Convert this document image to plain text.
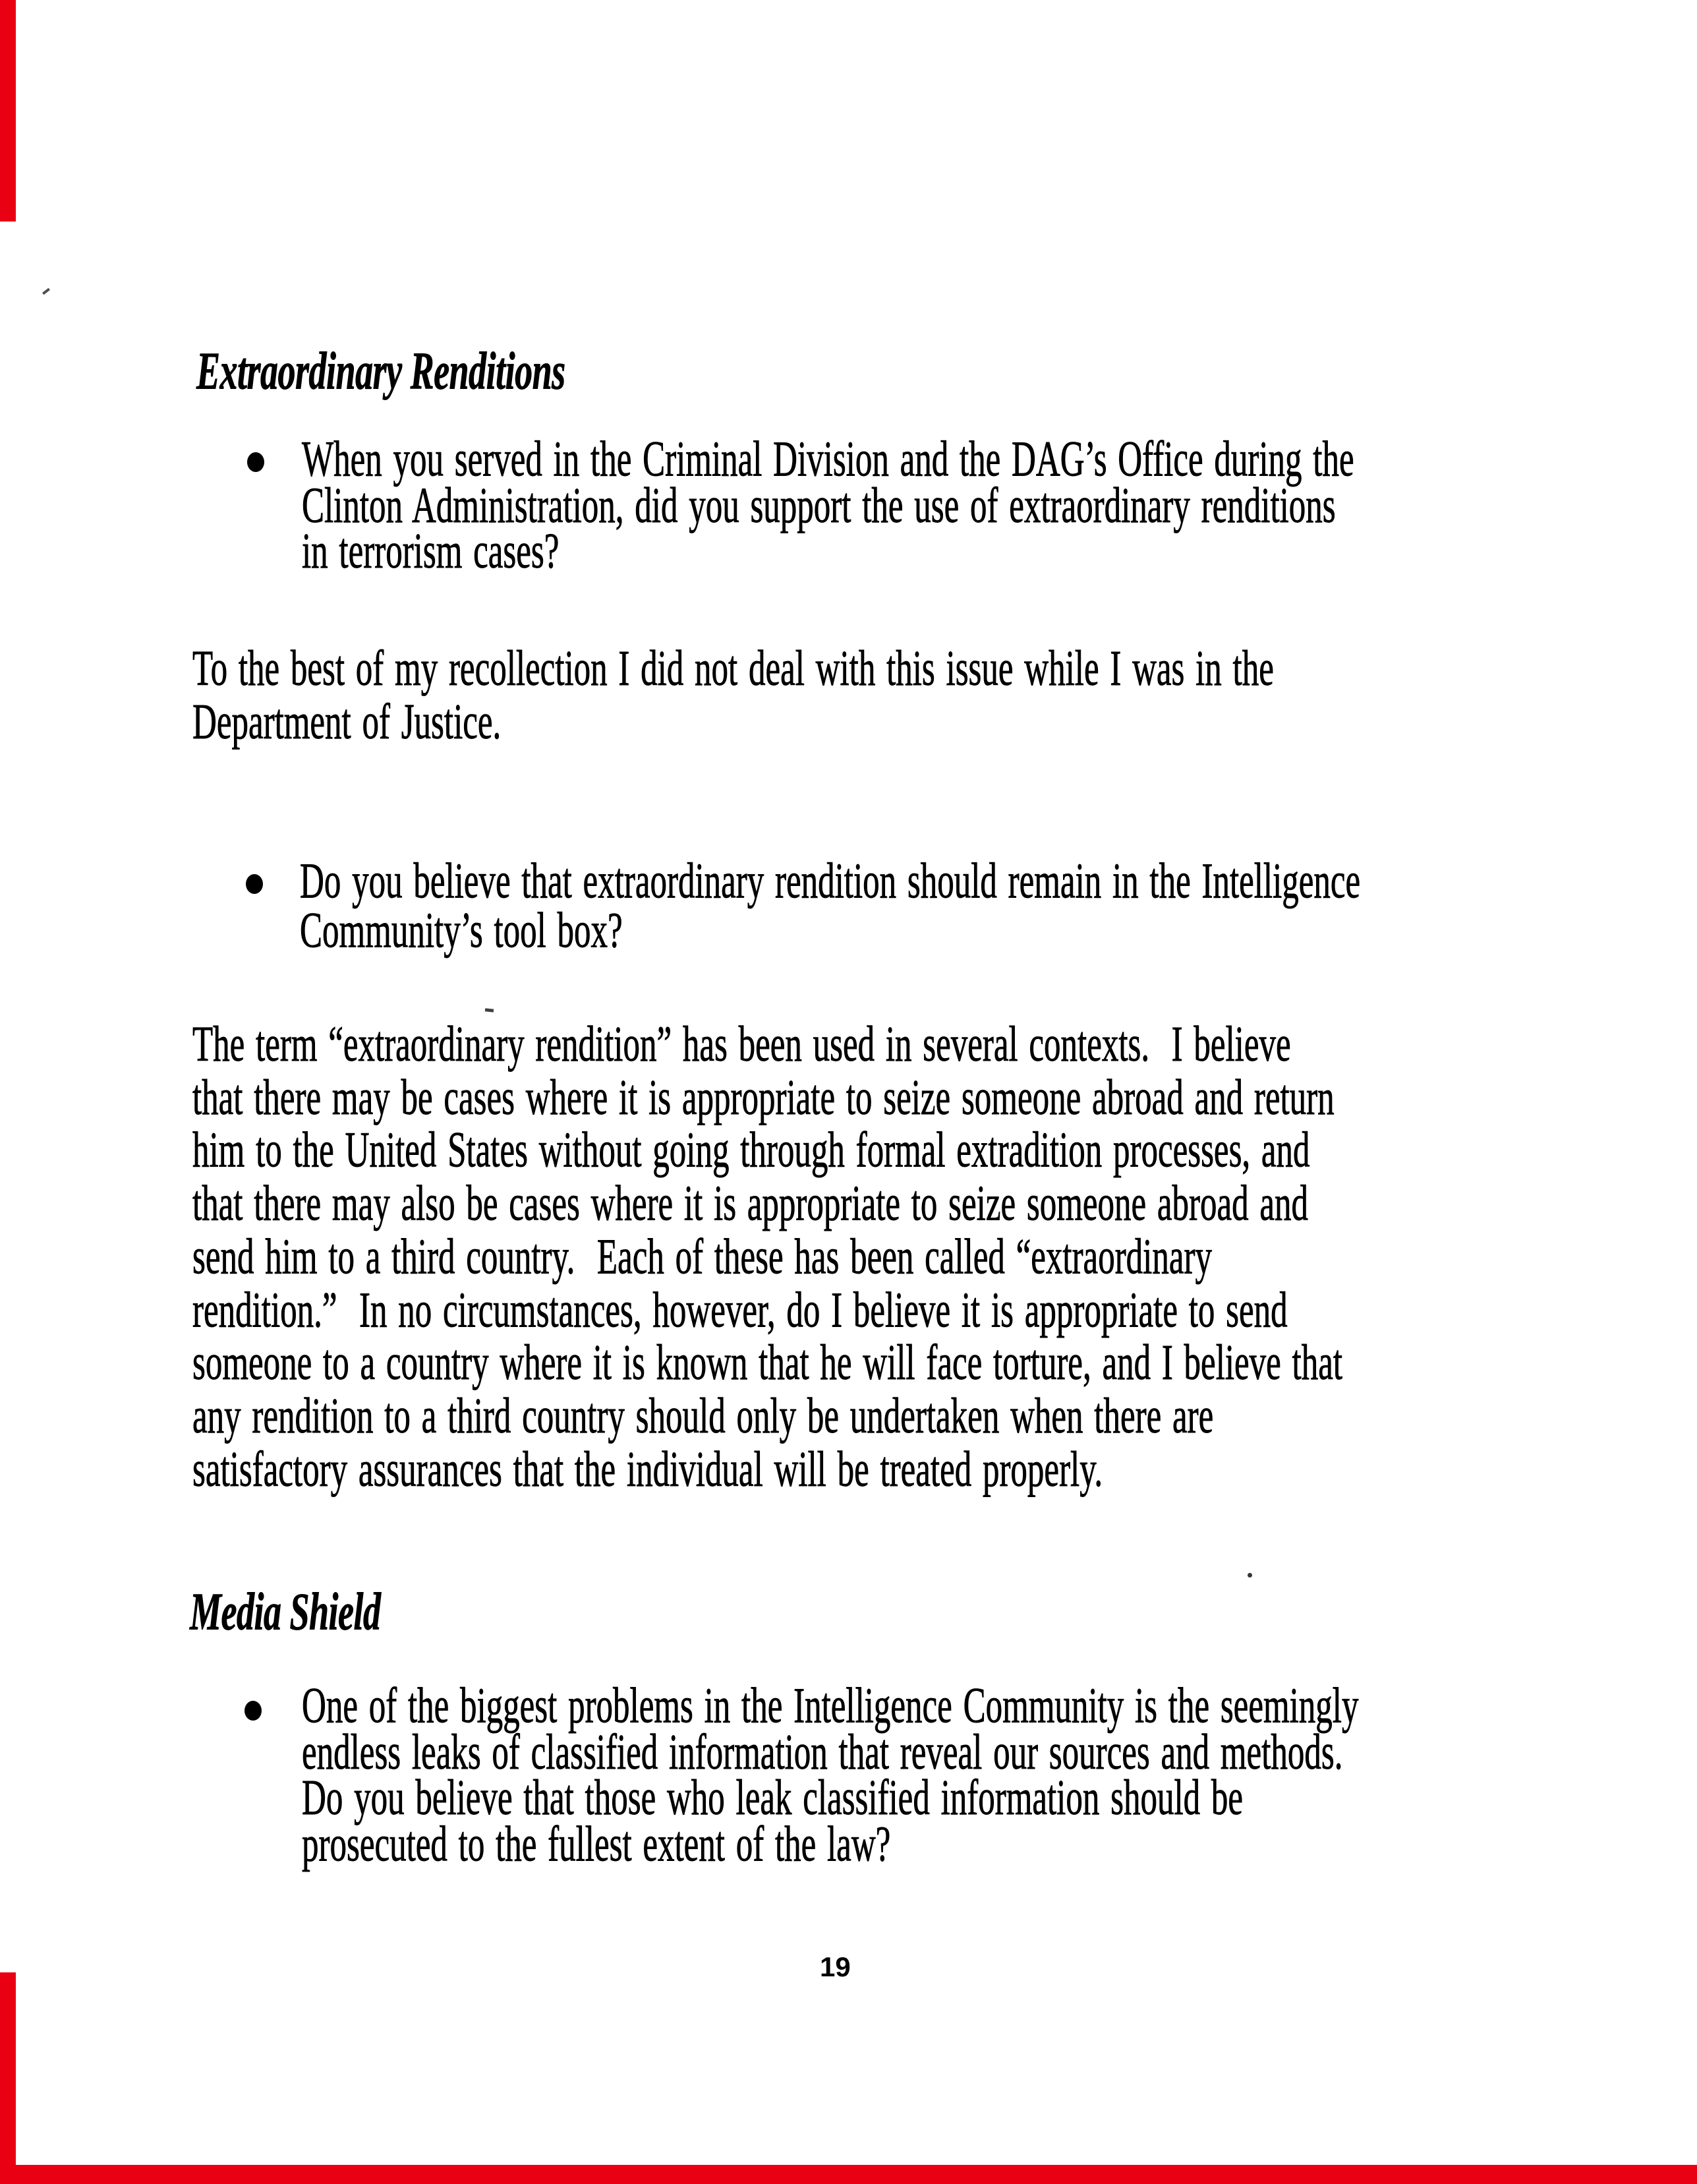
Extraordinary Renditions
When you served in the Criminal Division and the DAG’s Office during the
Clinton Administration, did you support the use of extraordinary renditions
in terrorism cases?
To the best of my recollection I did not deal with this issue while I was in the
Department of Justice.
Do you believe that extraordinary rendition should remain in the Intelligence
Community’s tool box?
The term “extraordinary rendition” has been used in several contexts.  I believe
that there may be cases where it is appropriate to seize someone abroad and return
him to the United States without going through formal extradition processes, and
that there may also be cases where it is appropriate to seize someone abroad and
send him to a third country.  Each of these has been called “extraordinary
rendition.”  In no circumstances, however, do I believe it is appropriate to send
someone to a country where it is known that he will face torture, and I believe that
any rendition to a third country should only be undertaken when there are
satisfactory assurances that the individual will be treated properly.
Media Shield
One of the biggest problems in the Intelligence Community is the seemingly
endless leaks of classified information that reveal our sources and methods.
Do you believe that those who leak classified information should be
prosecuted to the fullest extent of the law?
19
